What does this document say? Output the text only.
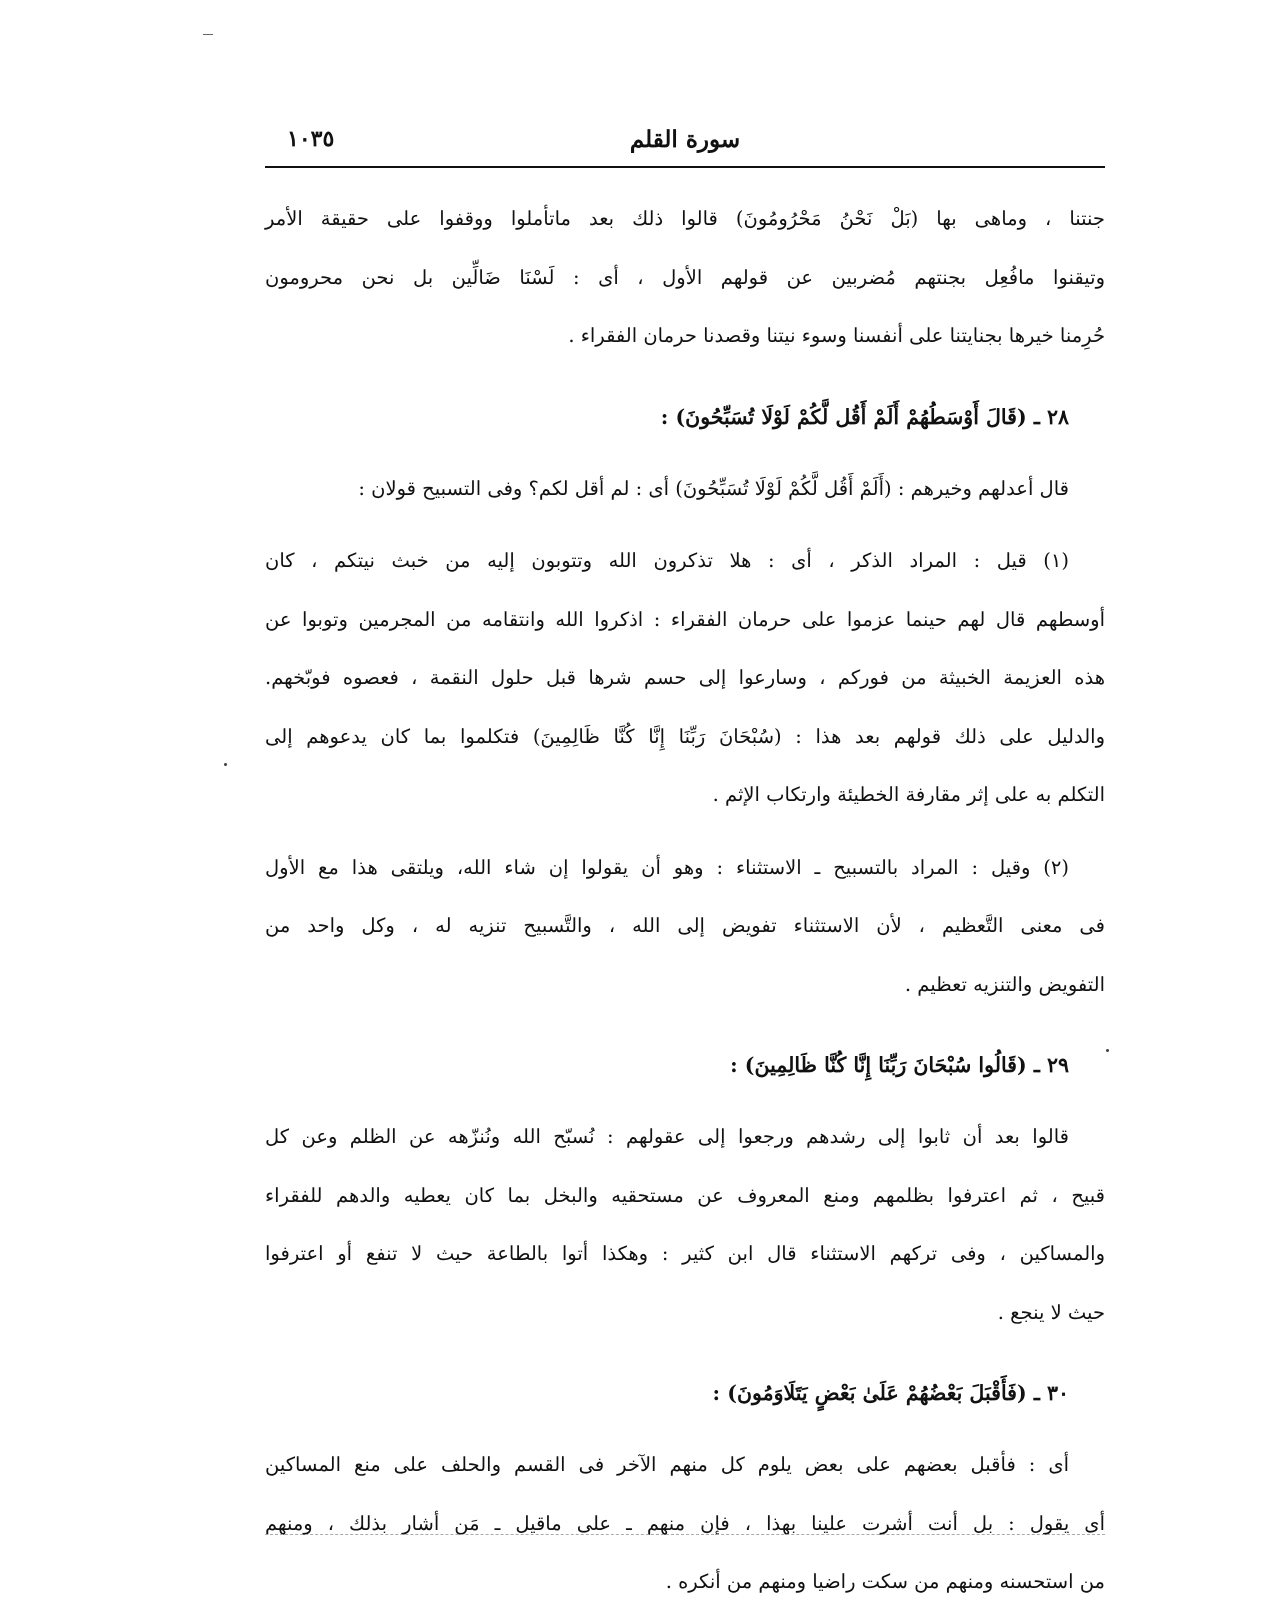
سورة القلم
١٠٣٥
جنتنا ، وماهى بها (بَلْ نَحْنُ مَحْرُومُونَ) قالوا ذلك بعد ماتأملوا ووقفوا على حقيقة الأمر
وتيقنوا مافُعِل بجنتهم مُضربين عن قولهم الأول ، أى : لَسْنَا ضَالِّين بل نحن محرومون
حُرِمنا خيرها بجنايتنا على أنفسنا وسوء نيتنا وقصدنا حرمان الفقراء .
٢٨ ـ (قَالَ أَوْسَطُهُمْ أَلَمْ أَقُل لَّكُمْ لَوْلَا تُسَبِّحُونَ) :
قال أعدلهم وخيرهم : (أَلَمْ أَقُل لَّكُمْ لَوْلَا تُسَبِّحُونَ) أى : لم أقل لكم؟ وفى التسبيح قولان :
(١) قيل : المراد الذكر ، أى : هلا تذكرون الله وتتوبون إليه من خبث نيتكم ، كان
أوسطهم قال لهم حينما عزموا على حرمان الفقراء : اذكروا الله وانتقامه من المجرمين وتوبوا عن
هذه العزيمة الخبيثة من فوركم ، وسارعوا إلى حسم شرها قبل حلول النقمة ، فعصوه فوبّخهم.
والدليل على ذلك قولهم بعد هذا : (سُبْحَانَ رَبِّنَا إِنَّا كُنَّا ظَالِمِينَ) فتكلموا بما كان يدعوهم إلى
التكلم به على إثر مقارفة الخطيئة وارتكاب الإثم .
(٢) وقيل : المراد بالتسبيح ـ الاستثناء : وهو أن يقولوا إن شاء الله، ويلتقى هذا مع الأول
فى معنى التَّعظيم ، لأن الاستثناء تفويض إلى الله ، والتَّسبيح تنزيه له ، وكل واحد من
التفويض والتنزيه تعظيم .
٢٩ ـ (قَالُوا سُبْحَانَ رَبِّنَا إِنَّا كُنَّا ظَالِمِينَ) :
قالوا بعد أن ثابوا إلى رشدهم ورجعوا إلى عقولهم : نُسبّح الله ونُنزّهه عن الظلم وعن كل
قبيح ، ثم اعترفوا بظلمهم ومنع المعروف عن مستحقيه والبخل بما كان يعطيه والدهم للفقراء
والمساكين ، وفى تركهم الاستثناء قال ابن كثير : وهكذا أتوا بالطاعة حيث لا تنفع أو اعترفوا
حيث لا ينجع .
٣٠ ـ (فَأَقْبَلَ بَعْضُهُمْ عَلَىٰ بَعْضٍ يَتَلَاوَمُونَ) :
أى : فأقبل بعضهم على بعض يلوم كل منهم الآخر فى القسم والحلف على منع المساكين
أى يقول : بل أنت أشرت علينا بهذا ، فإن منهم ـ على ماقيل ـ مَن أشار بذلك ، ومنهم
من استحسنه ومنهم من سكت راضيا ومنهم من أنكره .
